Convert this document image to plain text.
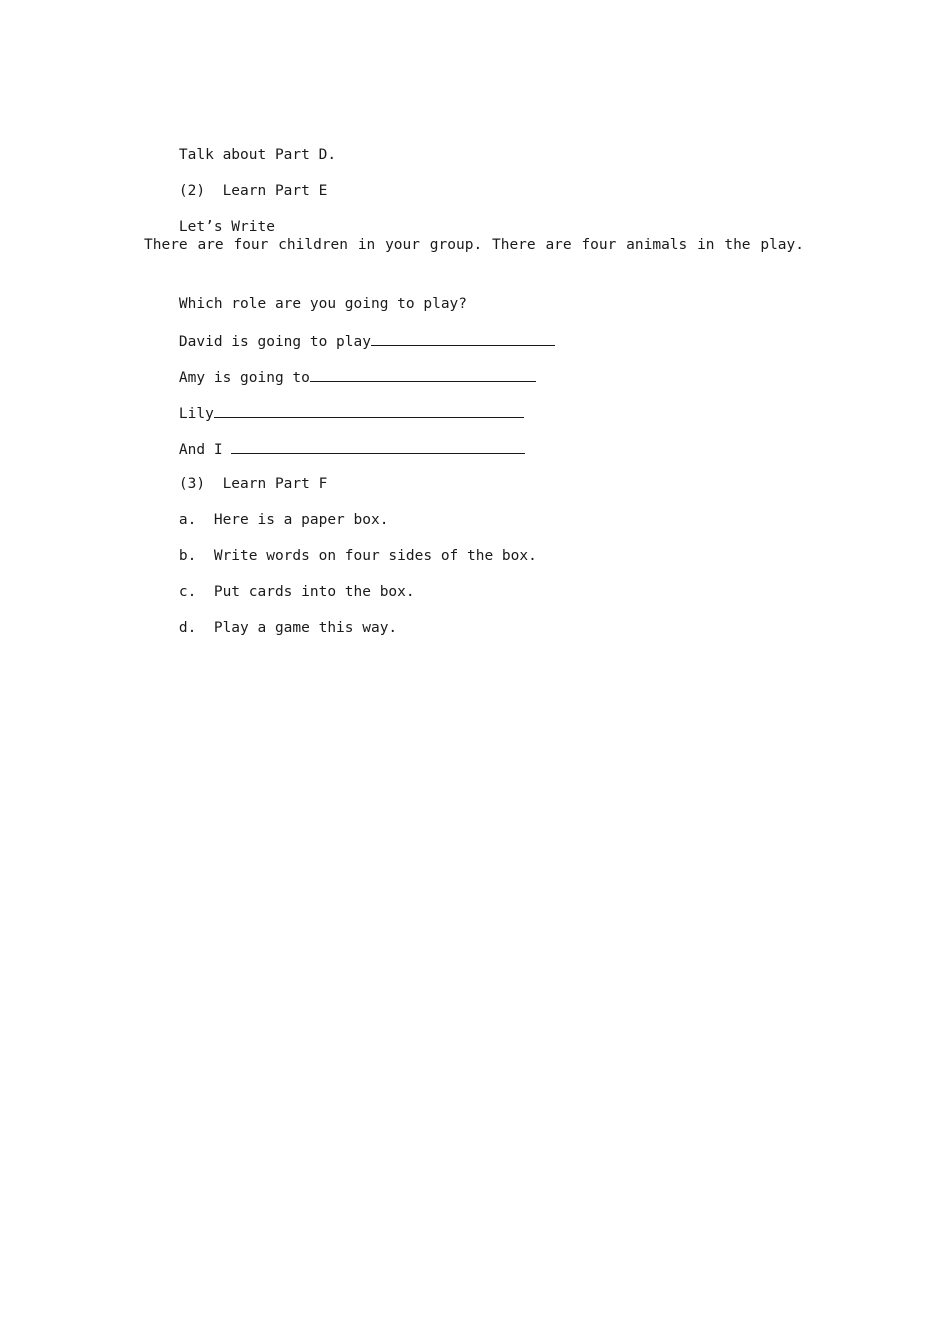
Talk about Part D.

(2)  Learn Part E

Let’s Write

There are four children in your group. There are four animals in the play.

Which role are you going to play?

David is going to play

Amy is going to

Lily

And I

(3)  Learn Part F

a.  Here is a paper box.

b.  Write words on four sides of the box.

c.  Put cards into the box.

d.  Play a game this way.
